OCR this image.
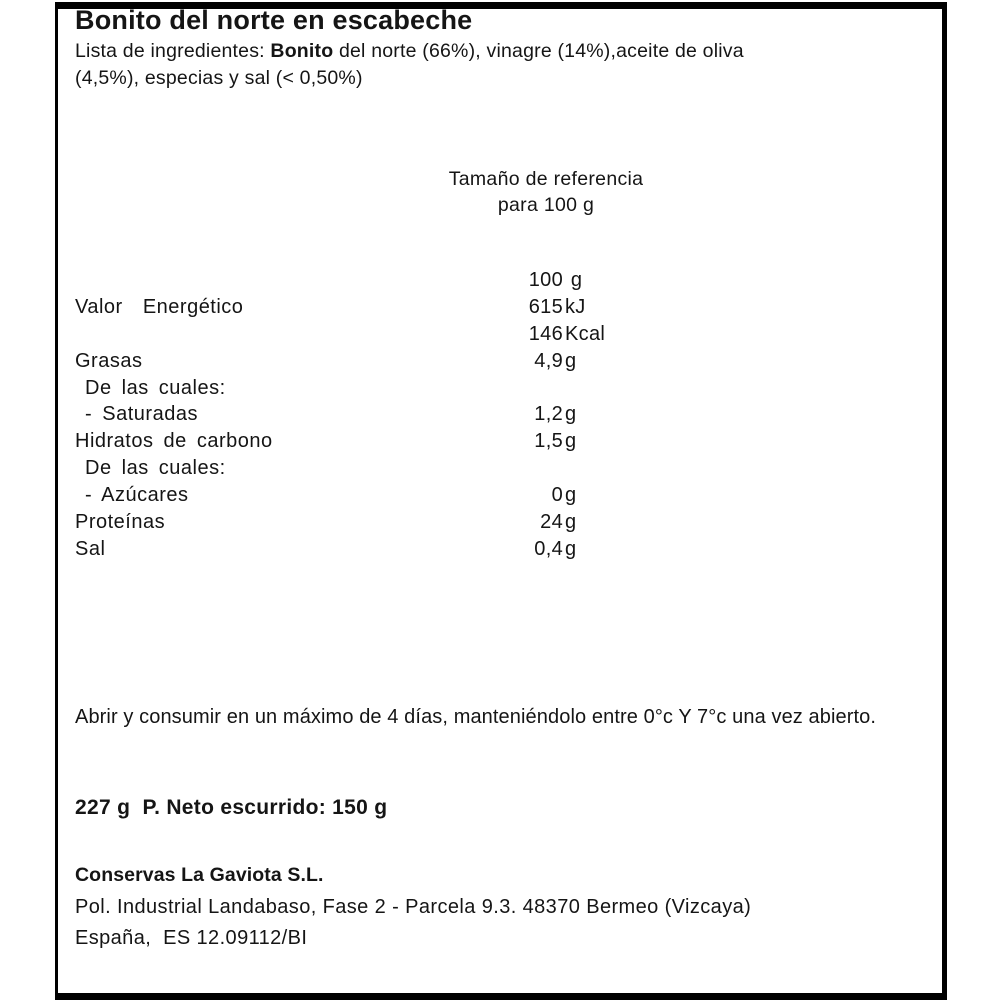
Bonito del norte en escabeche
Lista de ingredientes: Bonito del norte (66%), vinagre (14%),aceite de oliva
(4,5%), especias y sal (< 0,50%)
Tamaño de referencia
para 100 g
100 g
Valor  Energético	615 kJ
146 Kcal
Grasas	4,9 g
De las cuales:
- Saturadas	1,2 g
Hidratos de carbono	1,5 g
De las cuales:
- Azúcares	0 g
Proteínas	24 g
Sal	0,4 g
Abrir y consumir en un máximo de 4 días, manteniéndolo entre 0°c Y 7°c una vez abierto.
227 g  P. Neto escurrido: 150 g
Conservas La Gaviota S.L.
Pol. Industrial Landabaso, Fase 2 - Parcela 9.3. 48370 Bermeo (Vizcaya)
España,  ES 12.09112/BI
